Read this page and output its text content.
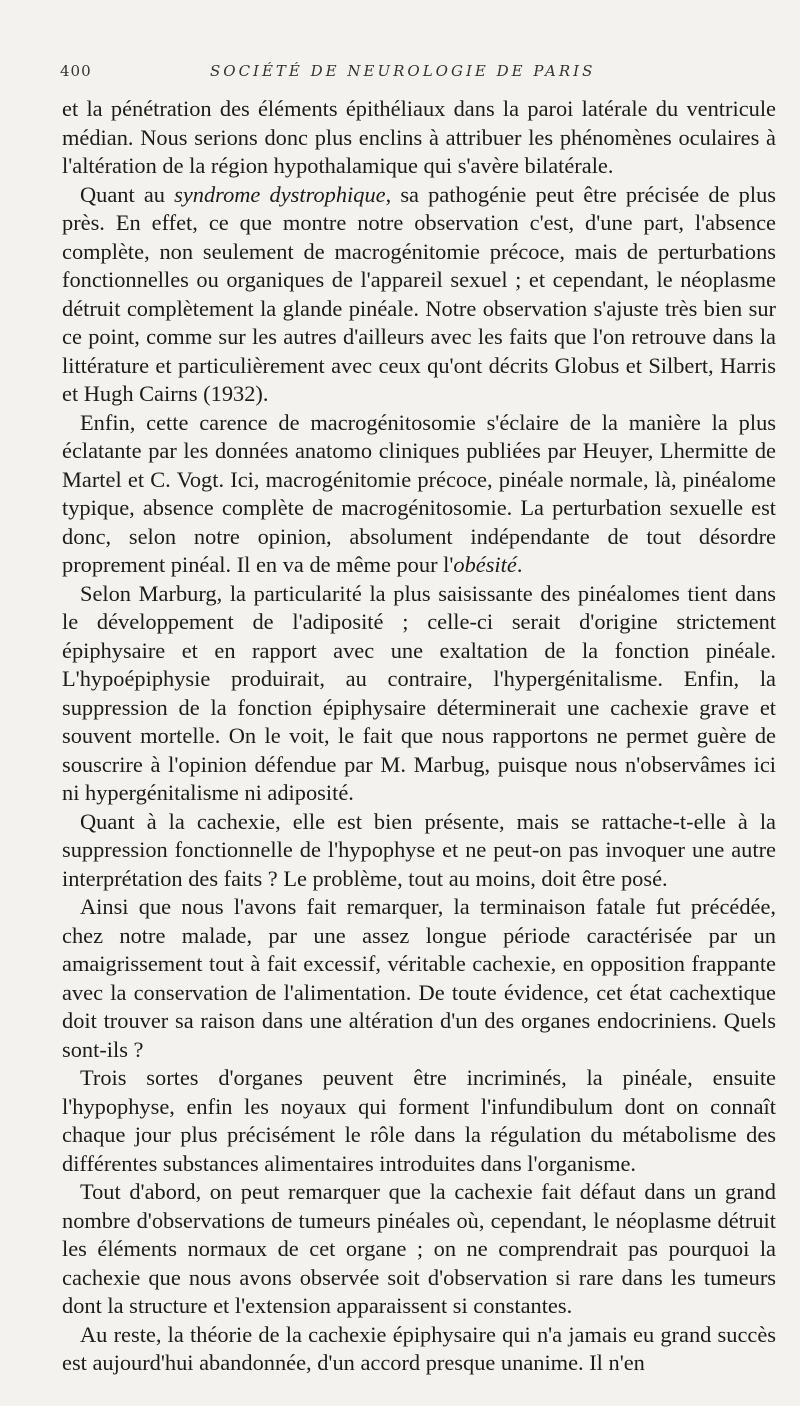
400	SOCIÉTÉ DE NEUROLOGIE DE PARIS

et la pénétration des éléments épithéliaux dans la paroi latérale du ventricule médian. Nous serions donc plus enclins à attribuer les phénomènes oculaires à l'altération de la région hypothalamique qui s'avère bilatérale.

Quant au syndrome dystrophique, sa pathogénie peut être précisée de plus près. En effet, ce que montre notre observation c'est, d'une part, l'absence complète, non seulement de macrogénitomie précoce, mais de perturbations fonctionnelles ou organiques de l'appareil sexuel ; et cependant, le néoplasme détruit complètement la glande pinéale. Notre observation s'ajuste très bien sur ce point, comme sur les autres d'ailleurs avec les faits que l'on retrouve dans la littérature et particulièrement avec ceux qu'ont décrits Globus et Silbert, Harris et Hugh Cairns (1932).

Enfin, cette carence de macrogénitosomie s'éclaire de la manière la plus éclatante par les données anatomo cliniques publiées par Heuyer, Lhermitte de Martel et C. Vogt. Ici, macrogénitomie précoce, pinéale normale, là, pinéalome typique, absence complète de macrogénitosomie. La perturbation sexuelle est donc, selon notre opinion, absolument indépendante de tout désordre proprement pinéal. Il en va de même pour l'obésité.

Selon Marburg, la particularité la plus saisissante des pinéalomes tient dans le développement de l'adiposité ; celle-ci serait d'origine strictement épiphysaire et en rapport avec une exaltation de la fonction pinéale. L'hypoépiphysie produirait, au contraire, l'hypergénitalisme. Enfin, la suppression de la fonction épiphysaire déterminerait une cachexie grave et souvent mortelle. On le voit, le fait que nous rapportons ne permet guère de souscrire à l'opinion défendue par M. Marbug, puisque nous n'observâmes ici ni hypergénitalisme ni adiposité.

Quant à la cachexie, elle est bien présente, mais se rattache-t-elle à la suppression fonctionnelle de l'hypophyse et ne peut-on pas invoquer une autre interprétation des faits ? Le problème, tout au moins, doit être posé.

Ainsi que nous l'avons fait remarquer, la terminaison fatale fut précédée, chez notre malade, par une assez longue période caractérisée par un amaigrissement tout à fait excessif, véritable cachexie, en opposition frappante avec la conservation de l'alimentation. De toute évidence, cet état cachextique doit trouver sa raison dans une altération d'un des organes endocriniens. Quels sont-ils ?

Trois sortes d'organes peuvent être incriminés, la pinéale, ensuite l'hypophyse, enfin les noyaux qui forment l'infundibulum dont on connaît chaque jour plus précisément le rôle dans la régulation du métabolisme des différentes substances alimentaires introduites dans l'organisme.

Tout d'abord, on peut remarquer que la cachexie fait défaut dans un grand nombre d'observations de tumeurs pinéales où, cependant, le néoplasme détruit les éléments normaux de cet organe ; on ne comprendrait pas pourquoi la cachexie que nous avons observée soit d'observation si rare dans les tumeurs dont la structure et l'extension apparaissent si constantes.

Au reste, la théorie de la cachexie épiphysaire qui n'a jamais eu grand succès est aujourd'hui abandonnée, d'un accord presque unanime. Il n'en
